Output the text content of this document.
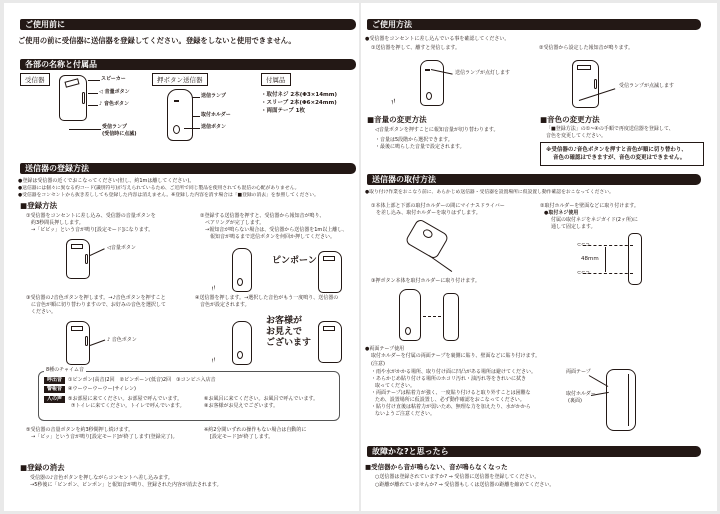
ご使用前に
ご使用の前に受信器に送信器を登録してください。登録をしないと使用できません。
各部の名称と付属品
受信器	スピーカー
◁ 音量ボタン
♪ 音色ボタン
受信ランプ
(受信時に点滅)
押ボタン送信器
送信ランプ
取付ホルダー
送信ボタン
付属品
・取付ネジ 2本(Φ3×14mm)
・スリーブ 2本(Φ6×24mm)
・両面テープ 1枚
送信器の登録方法
●登録は受信器の近くでおこなってください(但し、約1mは離してください)。
●送信器には個々に異なる約コード(識別符号)が与えられているため、ご近所で同じ製品を使用されても混信の心配がありません。
●受信器をコンセントから抜き差ししても登録した内容は消えません。※登録した内容を消す場合は「■登録の消去」を参照してください。
■登録方法
①受信器をコンセントに差し込み、受信器の音量ボタンを
約3秒間長押しします。
→「ピピッ」という音が鳴り[設定モード]になります。
◁音量ボタン
②登録する送信器を押すと、受信器から報知音が鳴り、
ペアリングが完了します。
→報知音が鳴らない場合は、受信器から送信器を1m以上離し、
報知音が鳴るまで送信ボタンを何回か押してください。
〃
ピンポーン
③受信器の♪音色ボタンを押します。→♪音色ボタンを押すこと
に音色が順に切り替わりますので、お好みの音色を選択して
ください。
♪ 音色ボタン
④送信器を押します。→選択した音色がもう一度鳴り、送信器の
音色が設定されます。
〃
お客様が
お見えで
ございます
8種のチャイム音
呼出音 ①ピンポン(高音)2回　 ②ピンポーン(低音)2回　 ③コンビニ入店音
警報音 ④ウーウーウーウー(サイレン)
人の声 ⑤お部屋に来てください。お部屋で呼んでいます。
⑦トイレに来てください。トイレで呼んでいます。
⑥お風呂に来てください。お風呂で呼んでいます。
⑧お客様がお見えでございます。
⑤受信器の音量ボタンを約3秒間押し続けます。
→「ピッ」という音が鳴り[設定モード]が終了します(登録完了)。
※約2分間いずれの操作もない場合は自動的に
[設定モード]が終了します。
■登録の消去
受信器の♪音色ボタンを押しながらコンセントへ差し込みます。
→5秒後に「ピンポン、ピンポン」と報知音が鳴り、登録された内容が消去されます。
ご使用方法
●受信器をコンセントに差し込んでいる事を確認してください。
①送信器を押して、離すと発信します。
〃
送信ランプが点灯します
②受信器から設定した報知音が鳴ります。
受信ランプが点滅します
■音量の変更方法
◁音量ボタンを押すことに報知音量が切り替わります。
・音量は5段階から選択できます。
・最後に鳴らした音量で設定されます。
■音色の変更方法
「■登録方法」の①~④の手順で再度送信器を登録して、
音色を変更してください。
※受信器の♪音色ボタンを押すと音色が順に切り替わり、
音色の確認はできますが、音色の変更はできません。
送信器の取付方法
●取り付け作業をおこなう前に、あらかじめ送信器・受信器を設置場所に仮設置し動作確認をおこなってください。
①本体上部と下部の取付ホルダーの間にマイナスドライバー
を差し込み、取付ホルダーを取りはずします。
②取付ホルダーを壁面などに取り付けます。
●取付ネジ使用
付属の取付ネジをネジガイド(2ヶ所)に
通して固定します。
⊂⊂⊃
⊂⊂⊃
48mm
③押ボタン本体を取付ホルダーに取り付けます。
●両面テープ使用
取付ホルダーを付属の両面テープを裏側に貼り、壁面などに貼り付けます。
(注意)
・雨や水がかかる場所、取り付け面に凹凸がある場所は避けてください。
・あらかじめ貼り付ける場所のホコリ汚れ・油汚れ等をきれいに拭き
取ってください。
・両面テープは粘着力が強く、一度貼り付けると取り外すことは困難な
ため、設置場所に仮設置し、必ず動作確認をおこなってください。
・貼り付け直後は粘着力が弱いため、無理な力を加えたり、水がかから
ないようご注意ください。
両面テープ
取付ホルダー
(裏面)
故障かな?と思ったら
■受信器から音が鳴らない、音が鳴らなくなった
○送信器は登録されていますか? ⇒ 受信器に送信器を登録してください。
○距離が離れていませんか? ⇒ 受信器もしくは送信器の距離を縮めてください。
